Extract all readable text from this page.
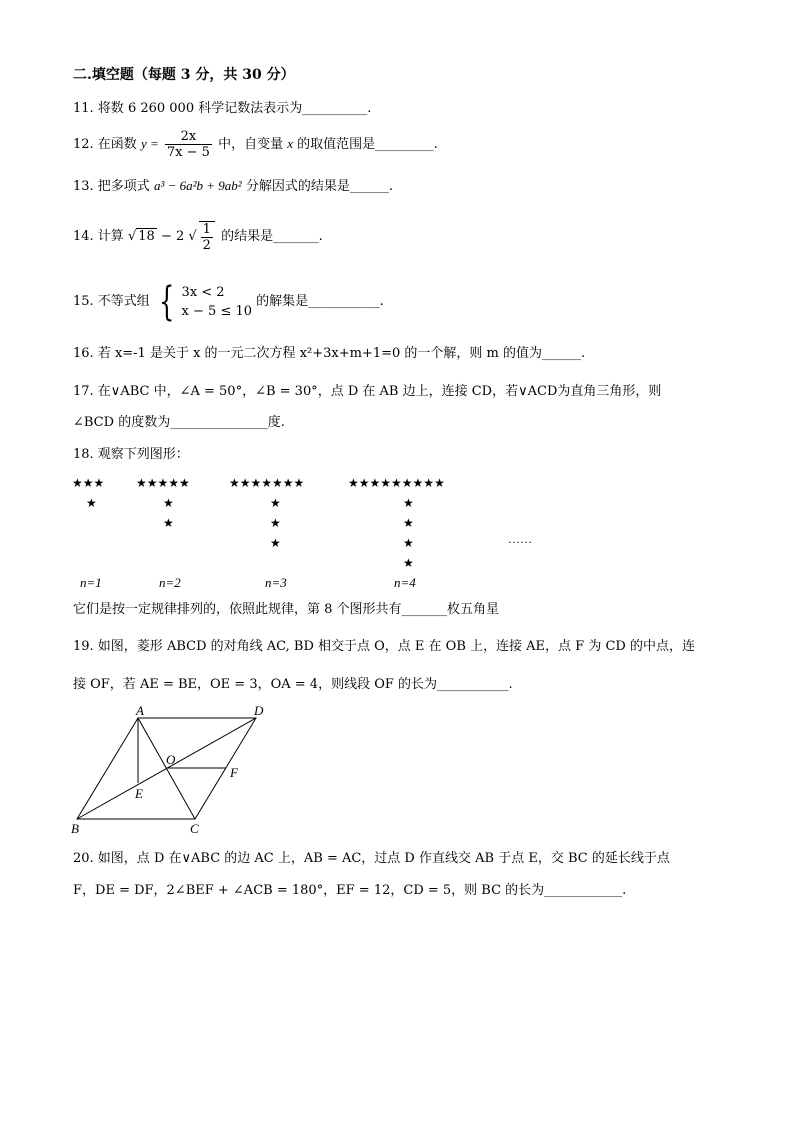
二.填空题（每题 3 分，共 30 分）
11. 将数 6 260 000 科学记数法表示为__________.
12. 在函数 $y = \frac{2x}{7x - 5}$ 中，自变量 x 的取值范围是_________.
13. 把多项式 a³ − 6a²b + 9ab² 分解因式的结果是______.
14. 计算 √ 18 − 2 √ $\frac{1}{2}$ 的结果是_______.
15. 不等式组 { 3x < 2
x − 5 ≤ 10
的解集是___________.
16. 若 x=-1 是关于 x 的一元二次方程 x²+3x+m+1=0 的一个解，则 m 的值为______.
17. 在∨ABC 中，∠A = 50°，∠B = 30°，点 D 在 AB 边上，连接 CD，若∨ACD为直角三角形，则
∠BCD 的度数为_______________度.
18. 观察下列图形：
★★★
★
★★★★★
★
★
★★★★★★★
★
★
★
★★★★★★★★★
★
★
★
★
……
n=1	n=2	n=3	n=4
它们是按一定规律排列的，依照此规律，第 8 个图形共有_______枚五角星
19. 如图，菱形 ABCD 的对角线 AC, BD 相交于点 O，点 E 在 OB 上，连接 AE，点 F 为 CD 的中点，连
接 OF，若 AE = BE，OE = 3，OA = 4，则线段 OF 的长为___________.
A	D
O
F
E
B	C
20. 如图，点 D 在∨ABC 的边 AC 上，AB = AC，过点 D 作直线交 AB 于点 E，交 BC 的延长线于点
F，DE = DF，2∠BEF + ∠ACB = 180°，EF = 12，CD = 5，则 BC 的长为____________.
